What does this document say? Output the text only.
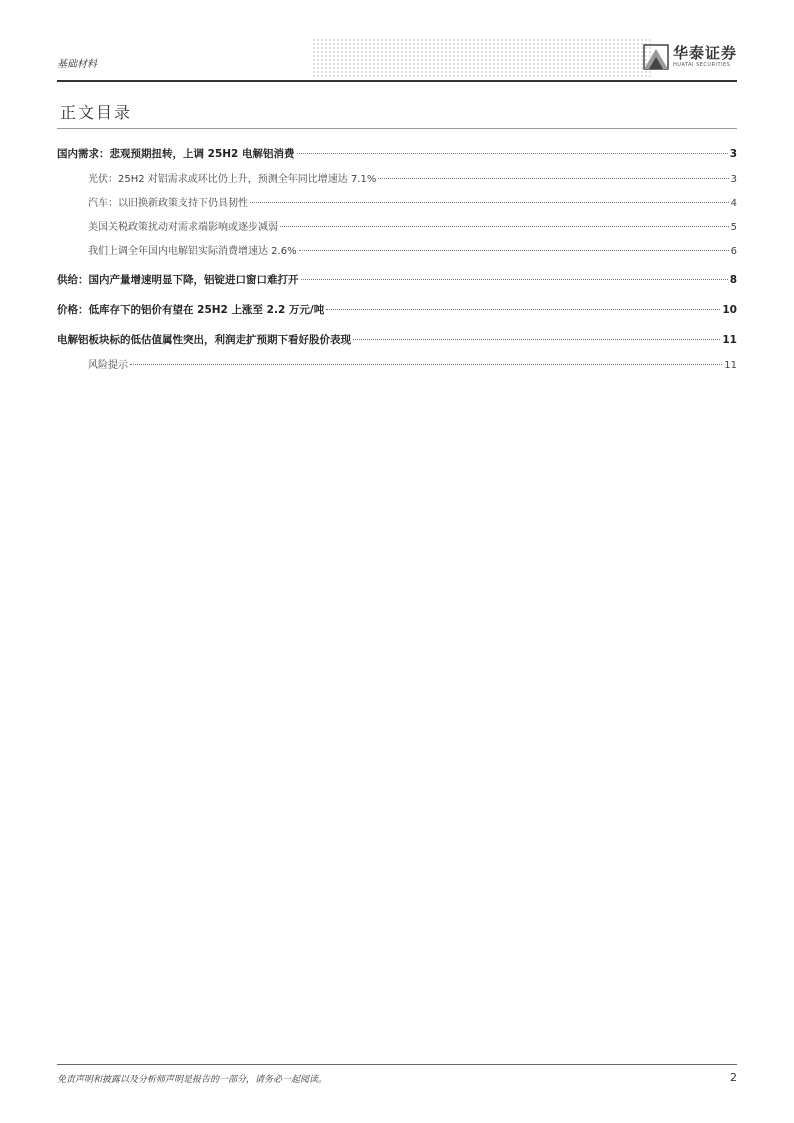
基础材料
华泰证券
HUATAI SECURITIES
正文目录
国内需求：悲观预期扭转，上调 25H2 电解铝消费	3
光伏：25H2 对铝需求或环比仍上升，预测全年同比增速达 7.1%	3
汽车：以旧换新政策支持下仍具韧性	4
美国关税政策扰动对需求端影响或逐步减弱	5
我们上调全年国内电解铝实际消费增速达 2.6%	6
供给：国内产量增速明显下降，铝锭进口窗口难打开	8
价格：低库存下的铝价有望在 25H2 上涨至 2.2 万元/吨	10
电解铝板块标的低估值属性突出，利润走扩预期下看好股价表现	11
风险提示	11
免责声明和披露以及分析师声明是报告的一部分，请务必一起阅读。	2
